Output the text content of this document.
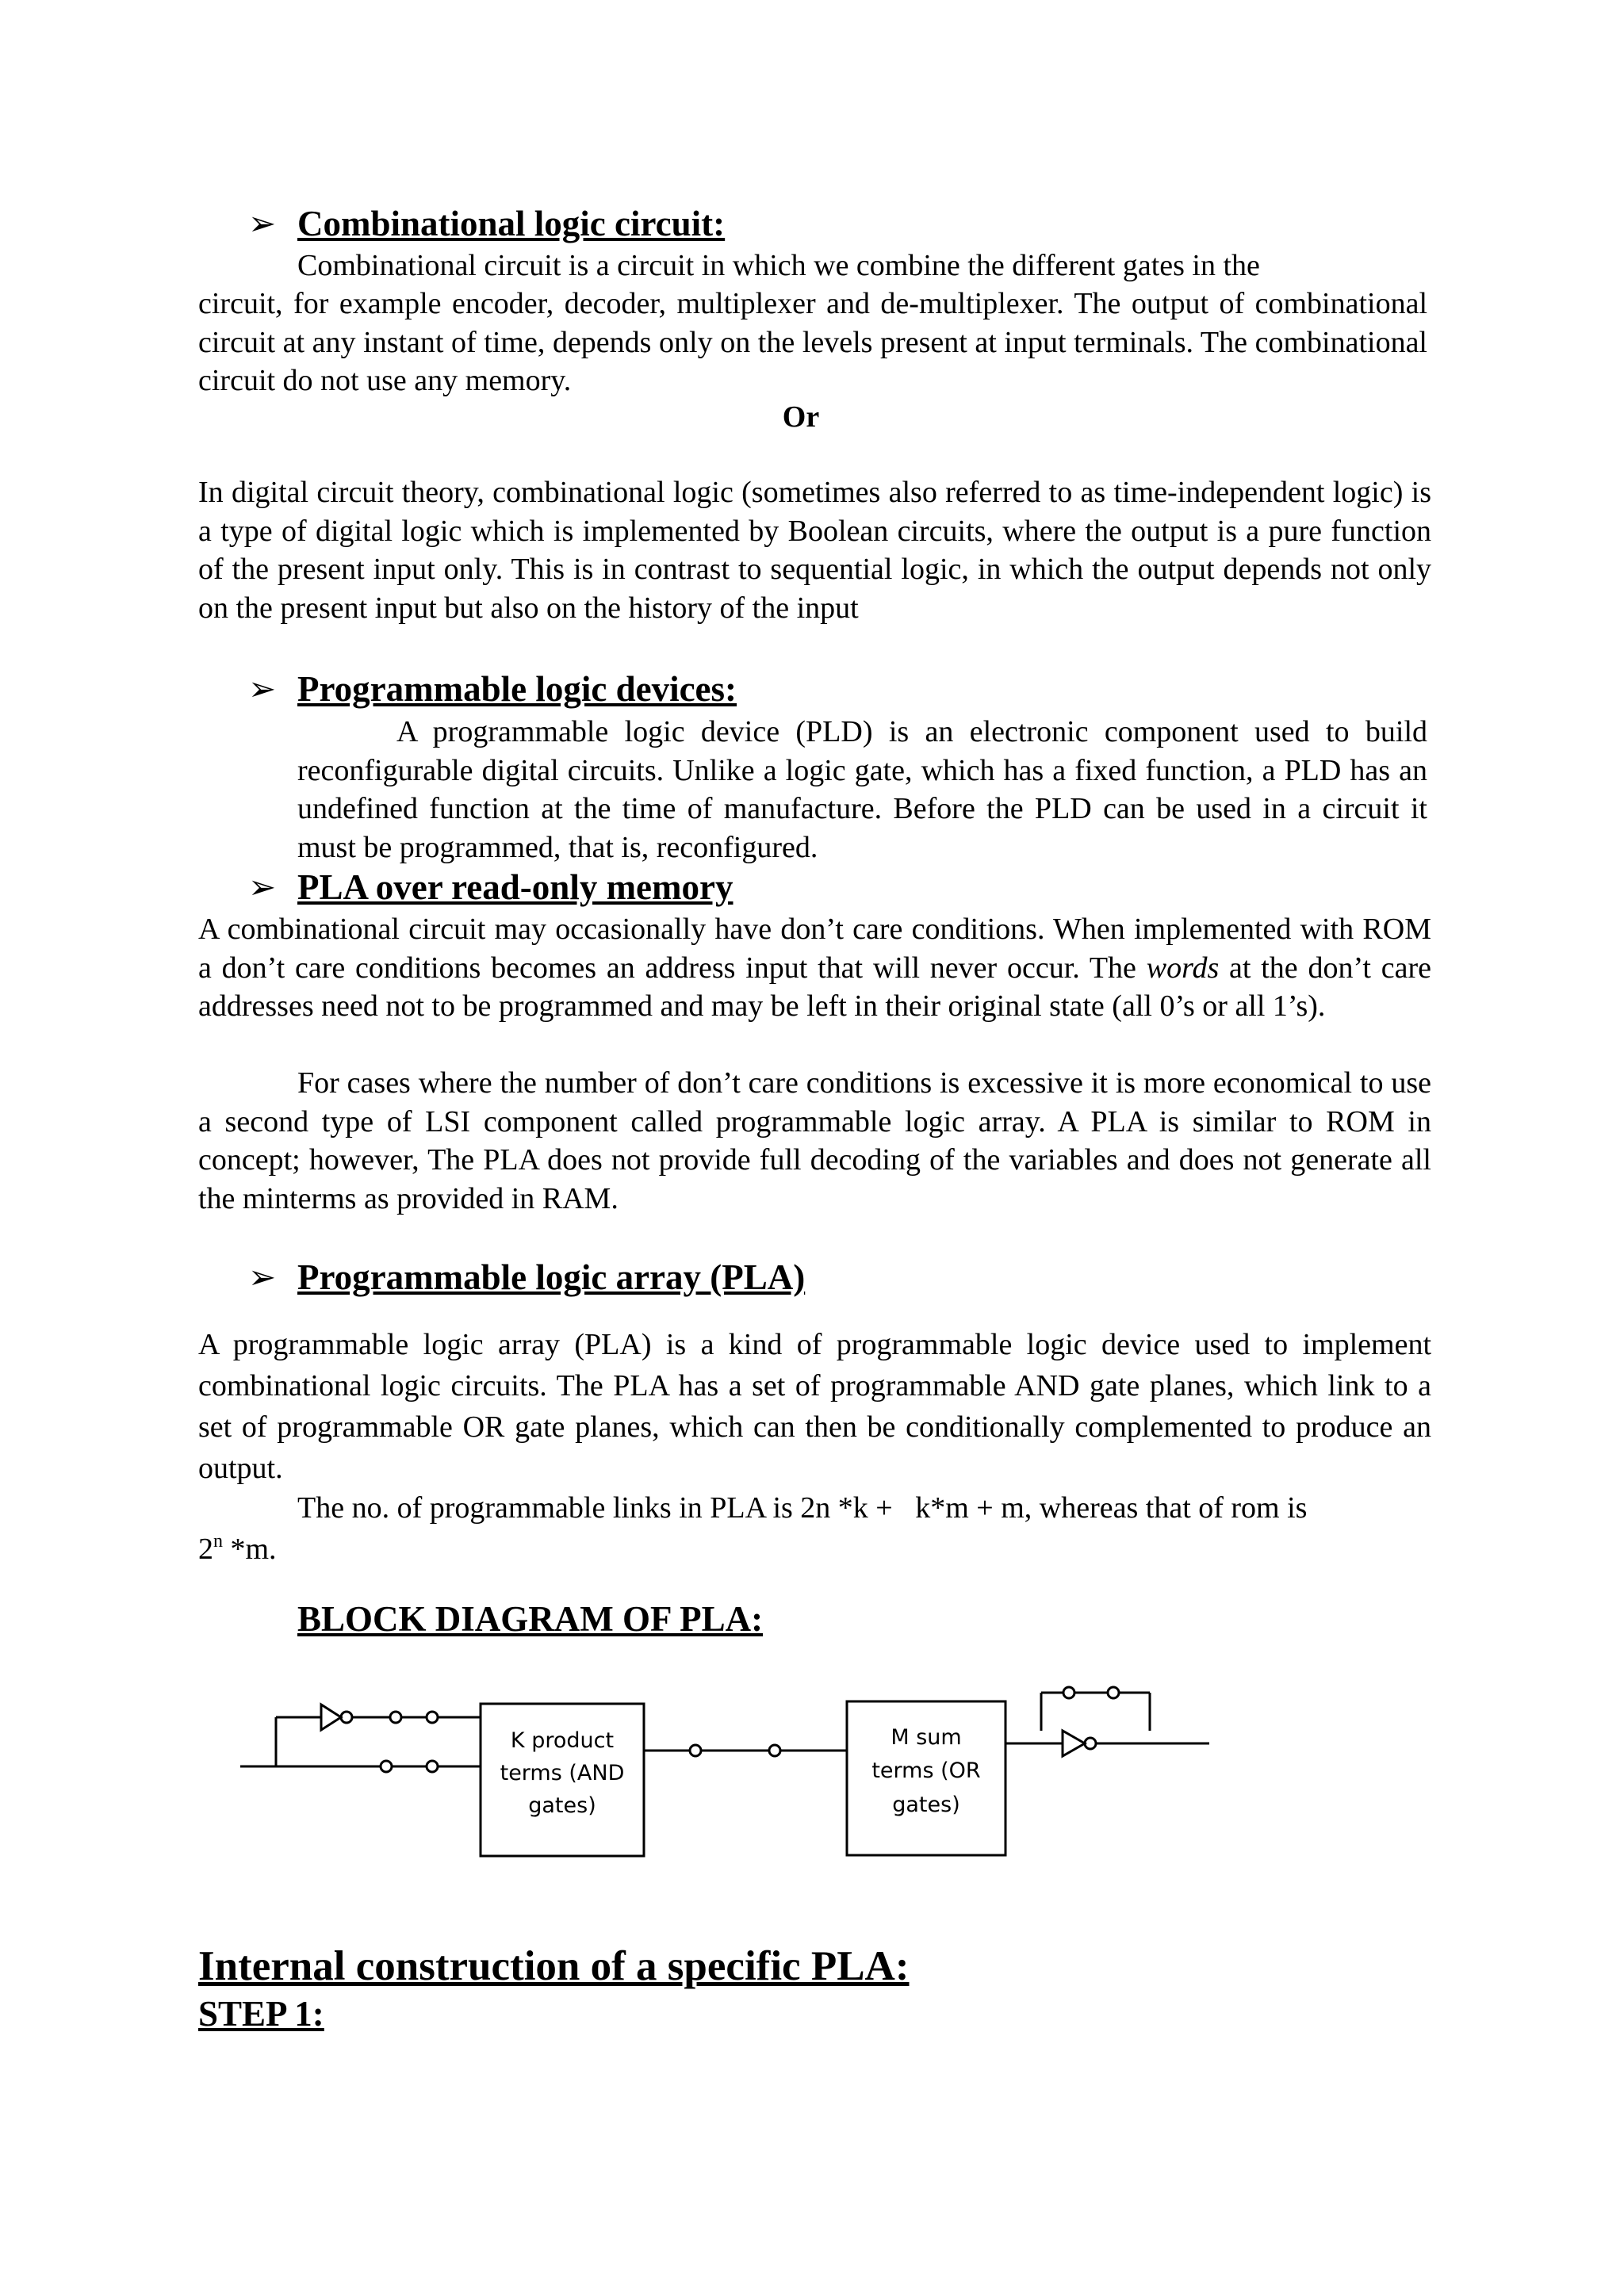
➢ Combinational logic circuit:
Combinational circuit is a circuit in which we combine the different gates in the
circuit, for example encoder, decoder, multiplexer and de-multiplexer. The output of combinational circuit at any instant of time, depends only on the levels present at input terminals. The combinational circuit do not use any memory.
Or
In digital circuit theory, combinational logic (sometimes also referred to as time-independent logic) is a type of digital logic which is implemented by Boolean circuits, where the output is a pure function of the present input only. This is in contrast to sequential logic, in which the output depends not only on the present input but also on the history of the input
➢ Programmable logic devices:
A programmable logic device (PLD) is an electronic component used to build reconfigurable digital circuits. Unlike a logic gate, which has a fixed function, a PLD has an undefined function at the time of manufacture. Before the PLD can be used in a circuit it must be programmed, that is, reconfigured.
➢ PLA over read-only memory
A combinational circuit may occasionally have don’t care conditions. When implemented with ROM a don’t care conditions becomes an address input that will never occur. The words at the don’t care addresses need not to be programmed and may be left in their original state (all 0’s or all 1’s).
For cases where the number of don’t care conditions is excessive it is more economical to use a second type of LSI component called programmable logic array. A PLA is similar to ROM in concept; however, The PLA does not provide full decoding of the variables and does not generate all the minterms as provided in RAM.
➢ Programmable logic array (PLA)
A programmable logic array (PLA) is a kind of programmable logic device used to implement combinational logic circuits. The PLA has a set of programmable AND gate planes, which link to a set of programmable OR gate planes, which can then be conditionally complemented to produce an output.
The no. of programmable links in PLA is 2n *k +   k*m + m, whereas that of rom is
2$^n$ *m.
BLOCK DIAGRAM OF PLA:
K product
terms (AND
gates)
M sum
terms (OR
gates)
Internal construction of a specific PLA:
STEP 1:
